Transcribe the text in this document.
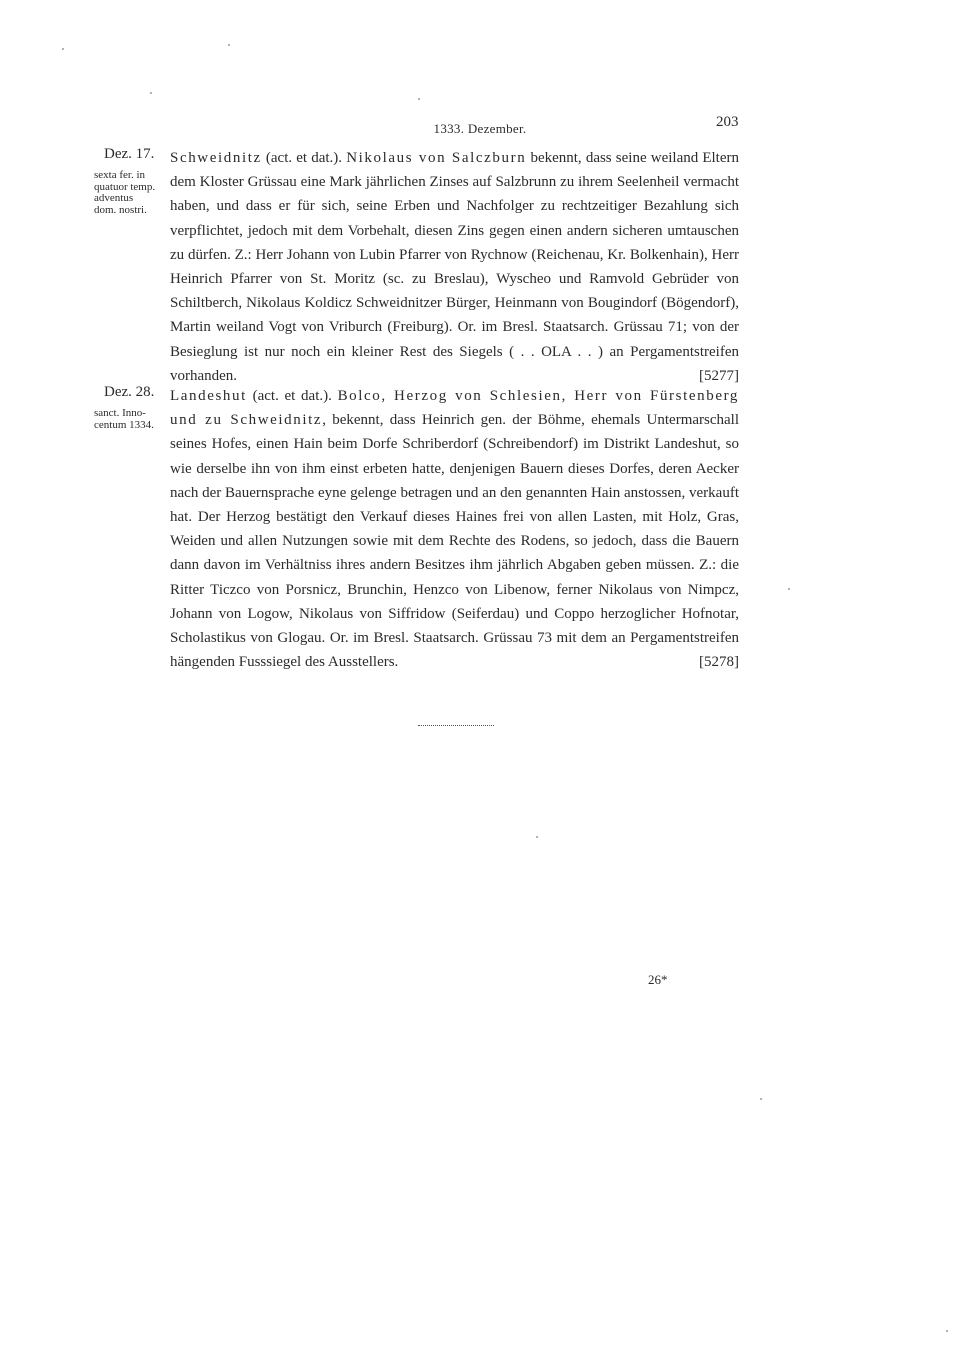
1333. Dezember.	203
Dez. 17.
sexta fer. in
quatuor temp.
adventus
dom. nostri.
Schweidnitz (act. et dat.). Nikolaus von Salczburn bekennt, dass seine weiland Eltern dem Kloster Grüssau eine Mark jährlichen Zinses auf Salzbrunn zu ihrem Seelenheil vermacht haben, und dass er für sich, seine Erben und Nachfolger zu rechtzeitiger Bezahlung sich verpflichtet, jedoch mit dem Vorbehalt, diesen Zins gegen einen andern sicheren umtauschen zu dürfen. Z.: Herr Johann von Lubin Pfarrer von Rychnow (Reichenau, Kr. Bolkenhain), Herr Heinrich Pfarrer von St. Moritz (sc. zu Breslau), Wyscheo und Ramvold Gebrüder von Schiltberch, Nikolaus Koldicz Schweidnitzer Bürger, Heinmann von Bougindorf (Bögendorf), Martin weiland Vogt von Vriburch (Freiburg). Or. im Bresl. Staatsarch. Grüssau 71; von der Besieglung ist nur noch ein kleiner Rest des Siegels ( . . OLA . . ) an Pergamentstreifen vorhanden.	[5277]
Dez. 28.
sanct. Inno-
centum 1334.
Landeshut (act. et dat.). Bolco, Herzog von Schlesien, Herr von Fürstenberg und zu Schweidnitz, bekennt, dass Heinrich gen. der Böhme, ehemals Untermarschall seines Hofes, einen Hain beim Dorfe Schriberdorf (Schreibendorf) im Distrikt Landeshut, so wie derselbe ihn von ihm einst erbeten hatte, denjenigen Bauern dieses Dorfes, deren Aecker nach der Bauernsprache eyne gelenge betragen und an den genannten Hain anstossen, verkauft hat. Der Herzog bestätigt den Verkauf dieses Haines frei von allen Lasten, mit Holz, Gras, Weiden und allen Nutzungen sowie mit dem Rechte des Rodens, so jedoch, dass die Bauern dann davon im Verhältniss ihres andern Besitzes ihm jährlich Abgaben geben müssen. Z.: die Ritter Ticzco von Porsnicz, Brunchin, Henzco von Libenow, ferner Nikolaus von Nimpcz, Johann von Logow, Nikolaus von Siffridow (Seiferdau) und Coppo herzoglicher Hofnotar, Scholastikus von Glogau. Or. im Bresl. Staatsarch. Grüssau 73 mit dem an Pergamentstreifen hängenden Fusssiegel des Ausstellers.	[5278]
26*
